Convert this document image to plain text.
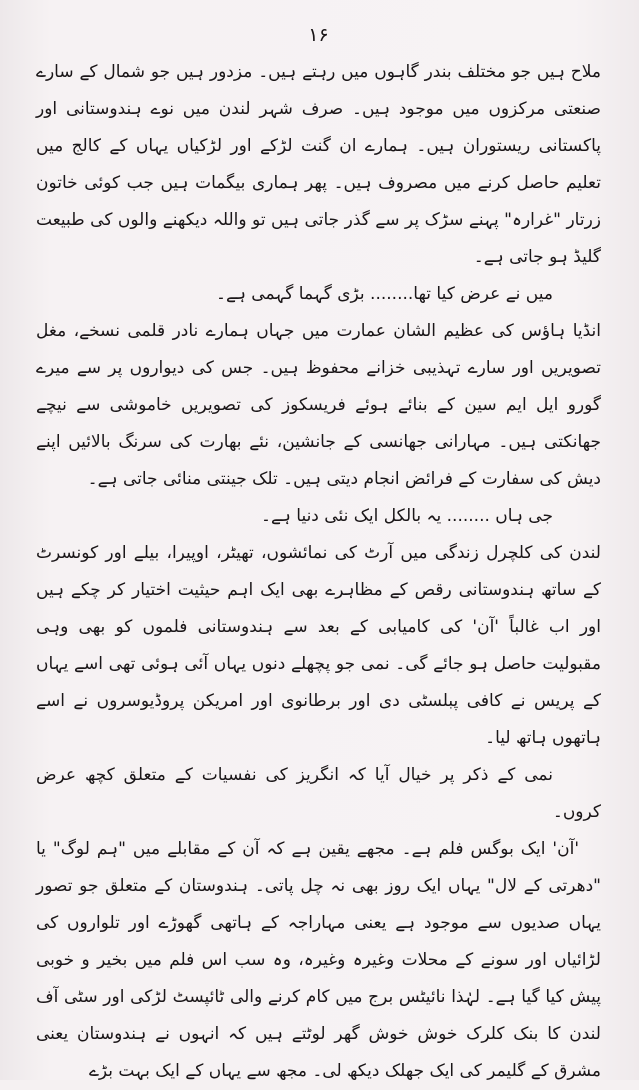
۱۶

ملاح ہیں جو مختلف بندر گاہوں میں رہتے ہیں۔ مزدور ہیں جو شمال کے سارے صنعتی مرکزوں میں موجود ہیں۔ صرف شہر لندن میں نوے ہندوستانی اور پاکستانی ریستوران ہیں۔ ہمارے ان گنت لڑکے اور لڑکیاں یہاں کے کالج میں تعلیم حاصل کرنے میں مصروف ہیں۔ پھر ہماری بیگمات ہیں جب کوئی خاتون زرتار "غرارہ" پہنے سڑک پر سے گذر جاتی ہیں تو واللہ دیکھنے والوں کی طبیعت گلیڈ ہو جاتی ہے۔

میں نے عرض کیا تھا........ بڑی گہما گہمی ہے۔

انڈیا ہاؤس کی عظیم الشان عمارت میں جہاں ہمارے نادر قلمی نسخے، مغل تصویریں اور سارے تہذیبی خزانے محفوظ ہیں۔ جس کی دیواروں پر سے میرے گورو ایل ایم سین کے بنائے ہوئے فریسکوز کی تصویریں خاموشی سے نیچے جھانکتی ہیں۔ مہارانی جھانسی کے جانشین، نئے بھارت کی سرنگ بالائیں اپنے دیش کی سفارت کے فرائض انجام دیتی ہیں۔ تلک جینتی منائی جاتی ہے۔

جی ہاں ........ یہ بالکل ایک نئی دنیا ہے۔

لندن کی کلچرل زندگی میں آرٹ کی نمائشوں، تھیٹر، اوپیرا، بیلے اور کونسرٹ کے ساتھ ہندوستانی رقص کے مظاہرے بھی ایک اہم حیثیت اختیار کر چکے ہیں اور اب غالباً 'آن' کی کامیابی کے بعد سے ہندوستانی فلموں کو بھی وہی مقبولیت حاصل ہو جائے گی۔ نمی جو پچھلے دنوں یہاں آئی ہوئی تھی اسے یہاں کے پریس نے کافی پبلسٹی دی اور برطانوی اور امریکن پروڈیوسروں نے اسے ہاتھوں ہاتھ لیا۔

نمی کے ذکر پر خیال آیا کہ انگریز کی نفسیات کے متعلق کچھ عرض کروں۔

'آن' ایک بوگس فلم ہے۔ مجھے یقین ہے کہ آن کے مقابلے میں "ہم لوگ" یا "دھرتی کے لال" یہاں ایک روز بھی نہ چل پاتی۔ ہندوستان کے متعلق جو تصور یہاں صدیوں سے موجود ہے یعنی مہاراجہ کے ہاتھی گھوڑے اور تلواروں کی لڑائیاں اور سونے کے محلات وغیرہ وغیرہ، وہ سب اس فلم میں بخیر و خوبی پیش کیا گیا ہے۔ لہٰذا نائیٹس برج میں کام کرنے والی ٹائپسٹ لڑکی اور سٹی آف لندن کا بنک کلرک خوش خوش گھر لوٹتے ہیں کہ انہوں نے ہندوستان یعنی مشرق کے گلیمر کی ایک جھلک دیکھ لی۔ مجھ سے یہاں کے ایک بہت بڑے
